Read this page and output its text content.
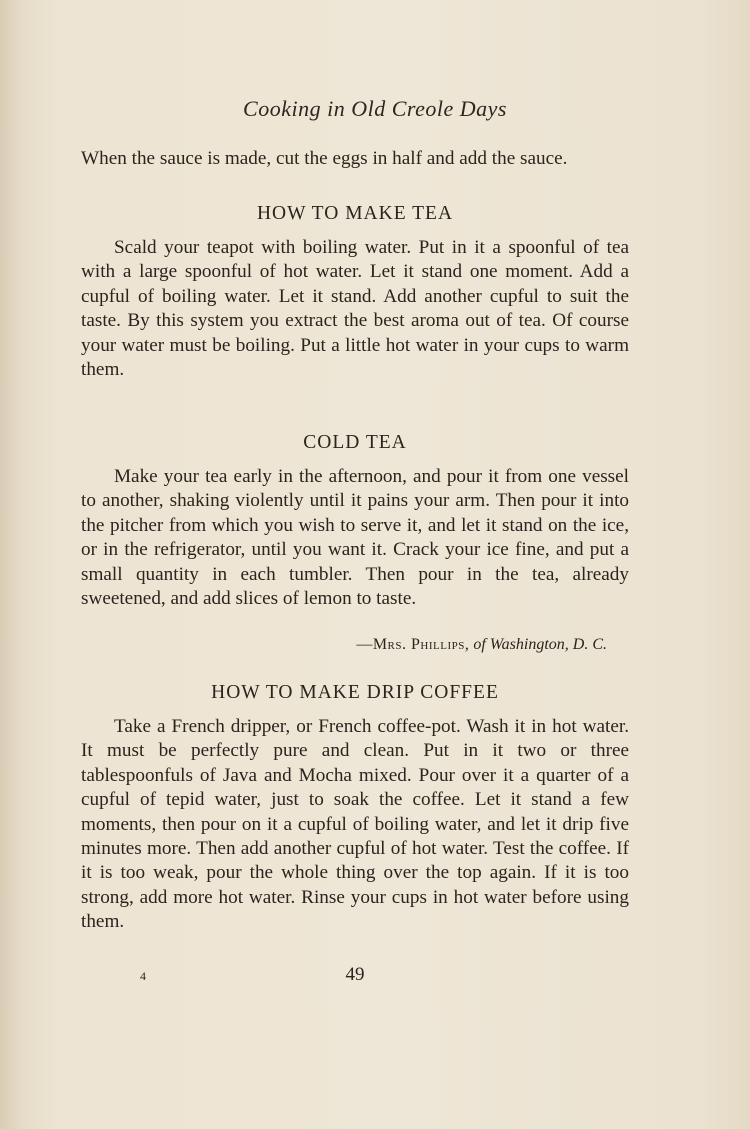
Cooking in Old Creole Days
When the sauce is made, cut the eggs in half and add the sauce.
HOW TO MAKE TEA
Scald your teapot with boiling water. Put in it a spoonful of tea with a large spoonful of hot water. Let it stand one moment. Add a cupful of boiling water. Let it stand. Add another cupful to suit the taste. By this system you extract the best aroma out of tea. Of course your water must be boiling. Put a little hot water in your cups to warm them.
COLD TEA
Make your tea early in the afternoon, and pour it from one vessel to another, shaking violently until it pains your arm. Then pour it into the pitcher from which you wish to serve it, and let it stand on the ice, or in the refrigerator, until you want it. Crack your ice fine, and put a small quantity in each tumbler. Then pour in the tea, already sweetened, and add slices of lemon to taste.
—Mrs. Phillips, of Washington, D. C.
HOW TO MAKE DRIP COFFEE
Take a French dripper, or French coffee-pot. Wash it in hot water. It must be perfectly pure and clean. Put in it two or three tablespoonfuls of Java and Mocha mixed. Pour over it a quarter of a cupful of tepid water, just to soak the coffee. Let it stand a few moments, then pour on it a cupful of boiling water, and let it drip five minutes more. Then add another cupful of hot water. Test the coffee. If it is too weak, pour the whole thing over the top again. If it is too strong, add more hot water. Rinse your cups in hot water before using them.
4	49
